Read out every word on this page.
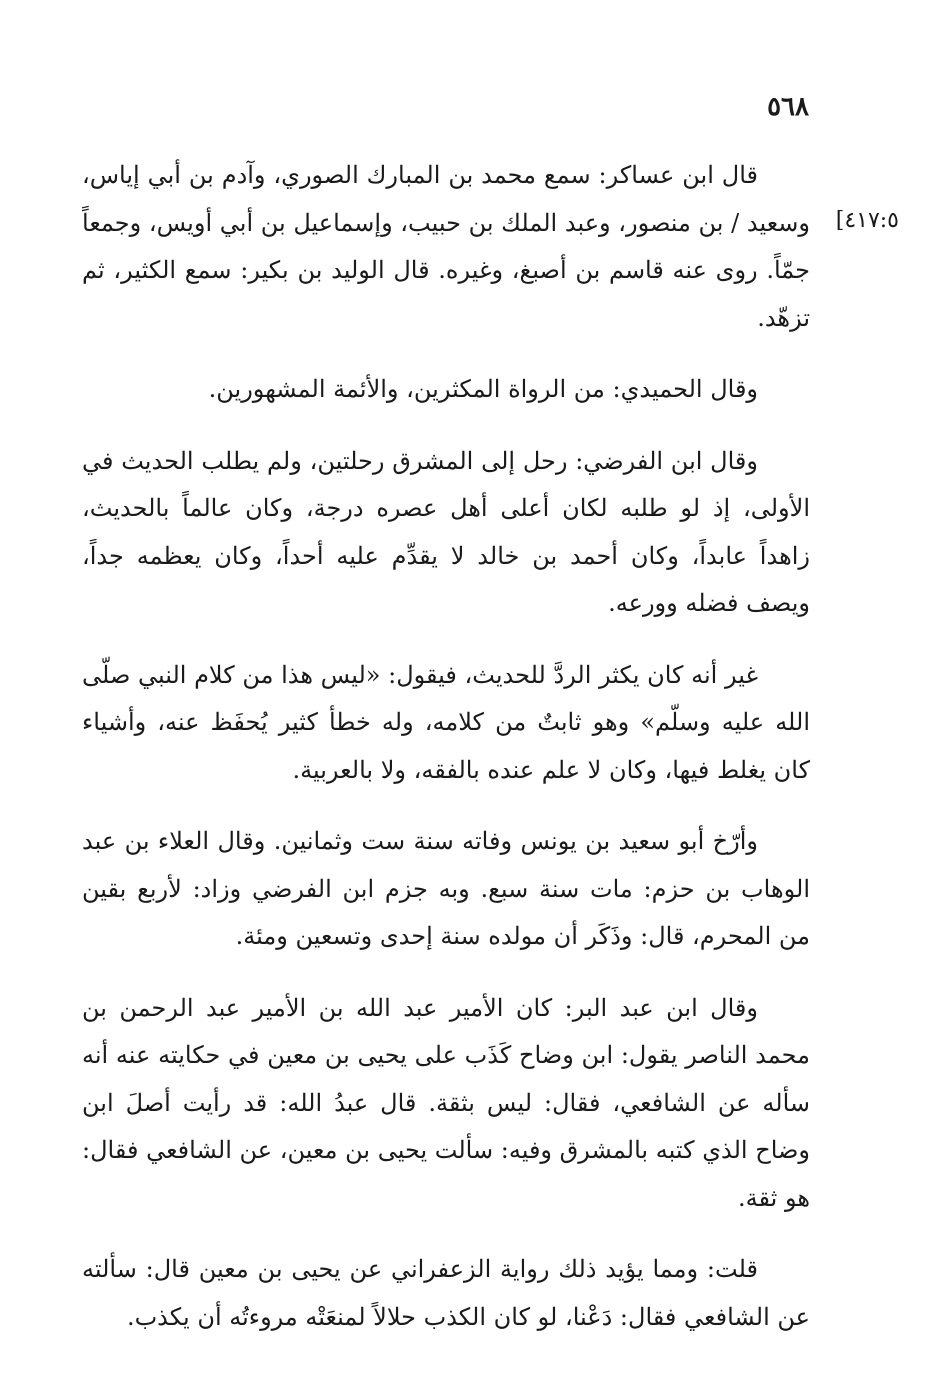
٥٦٨
[٤١٧:٥

قال ابن عساكر: سمع محمد بن المبارك الصوري، وآدم بن أبي إياس، وسعيد / بن منصور، وعبد الملك بن حبيب، وإسماعيل بن أبي أويس، وجمعاً جمّاً. روى عنه قاسم بن أصبغ، وغيره. قال الوليد بن بكير: سمع الكثير، ثم تزهّد.

وقال الحميدي: من الرواة المكثرين، والأئمة المشهورين.

وقال ابن الفرضي: رحل إلى المشرق رحلتين، ولم يطلب الحديث في الأولى، إذ لو طلبه لكان أعلى أهل عصره درجة، وكان عالماً بالحديث، زاهداً عابداً، وكان أحمد بن خالد لا يقدِّم عليه أحداً، وكان يعظمه جداً، ويصف فضله وورعه.

غير أنه كان يكثر الردَّ للحديث، فيقول: «ليس هذا من كلام النبي صلّى الله عليه وسلّم» وهو ثابتٌ من كلامه، وله خطأ كثير يُحفَظ عنه، وأشياء كان يغلط فيها، وكان لا علم عنده بالفقه، ولا بالعربية.

وأرّخ أبو سعيد بن يونس وفاته سنة ست وثمانين. وقال العلاء بن عبد الوهاب بن حزم: مات سنة سبع. وبه جزم ابن الفرضي وزاد: لأربع بقين من المحرم، قال: وذَكَر أن مولده سنة إحدى وتسعين ومئة.

وقال ابن عبد البر: كان الأمير عبد الله بن الأمير عبد الرحمن بن محمد الناصر يقول: ابن وضاح كَذَب على يحيى بن معين في حكايته عنه أنه سأله عن الشافعي، فقال: ليس بثقة. قال عبدُ الله: قد رأيت أصلَ ابن وضاح الذي كتبه بالمشرق وفيه: سألت يحيى بن معين، عن الشافعي فقال: هو ثقة.

قلت: ومما يؤيد ذلك رواية الزعفراني عن يحيى بن معين قال: سألته عن الشافعي فقال: دَعْنا، لو كان الكذب حلالاً لمنعَتْه مروءتُه أن يكذب.
